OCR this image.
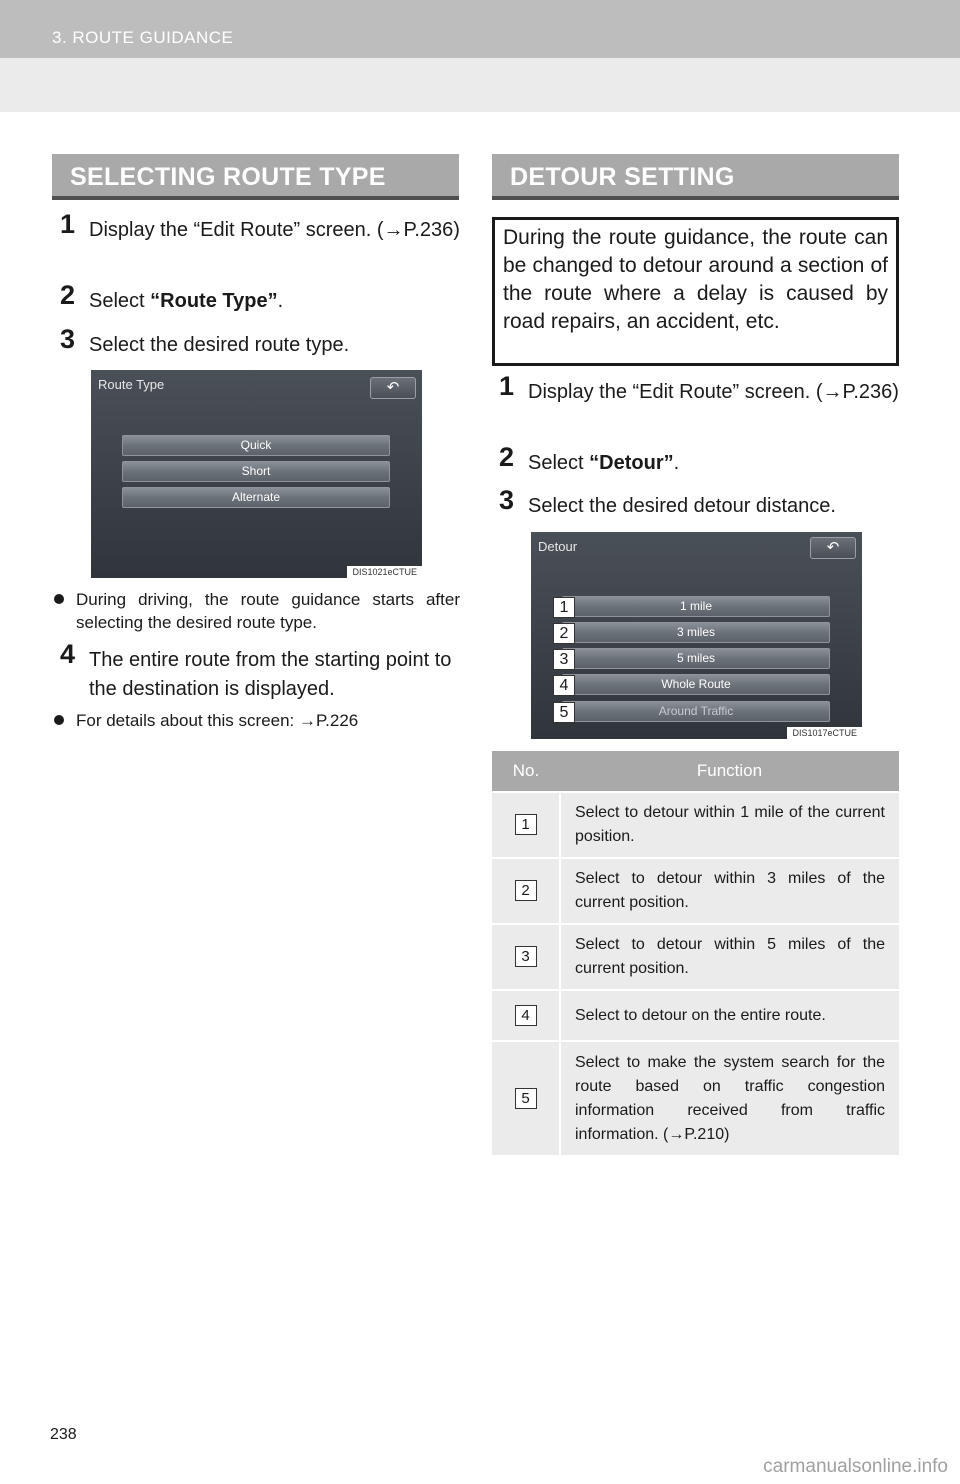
3. ROUTE GUIDANCE
SELECTING ROUTE TYPE
1 Display the “Edit Route” screen. (→P.236)
2 Select “Route Type”.
3 Select the desired route type.
Route Type	↶
Quick
Short
Alternate
DIS1021eCTUE
During driving, the route guidance starts after selecting the desired route type.
4 The entire route from the starting point to the destination is displayed.
For details about this screen: →P.226
DETOUR SETTING
During the route guidance, the route can be changed to detour around a section of the route where a delay is caused by road repairs, an accident, etc.
1 Display the “Edit Route” screen. (→P.236)
2 Select “Detour”.
3 Select the desired detour distance.
Detour	↶
1 mile
3 miles
5 miles
Whole Route
Around Traffic
1
2
3
4
5
DIS1017eCTUE
No.	Function
1	Select to detour within 1 mile of the current position.
2	Select to detour within 3 miles of the current position.
3	Select to detour within 5 miles of the current position.
4	Select to detour on the entire route.
5	Select to make the system search for the route based on traffic congestion information received from traffic information. (→P.210)
238
carmanualsonline.info
